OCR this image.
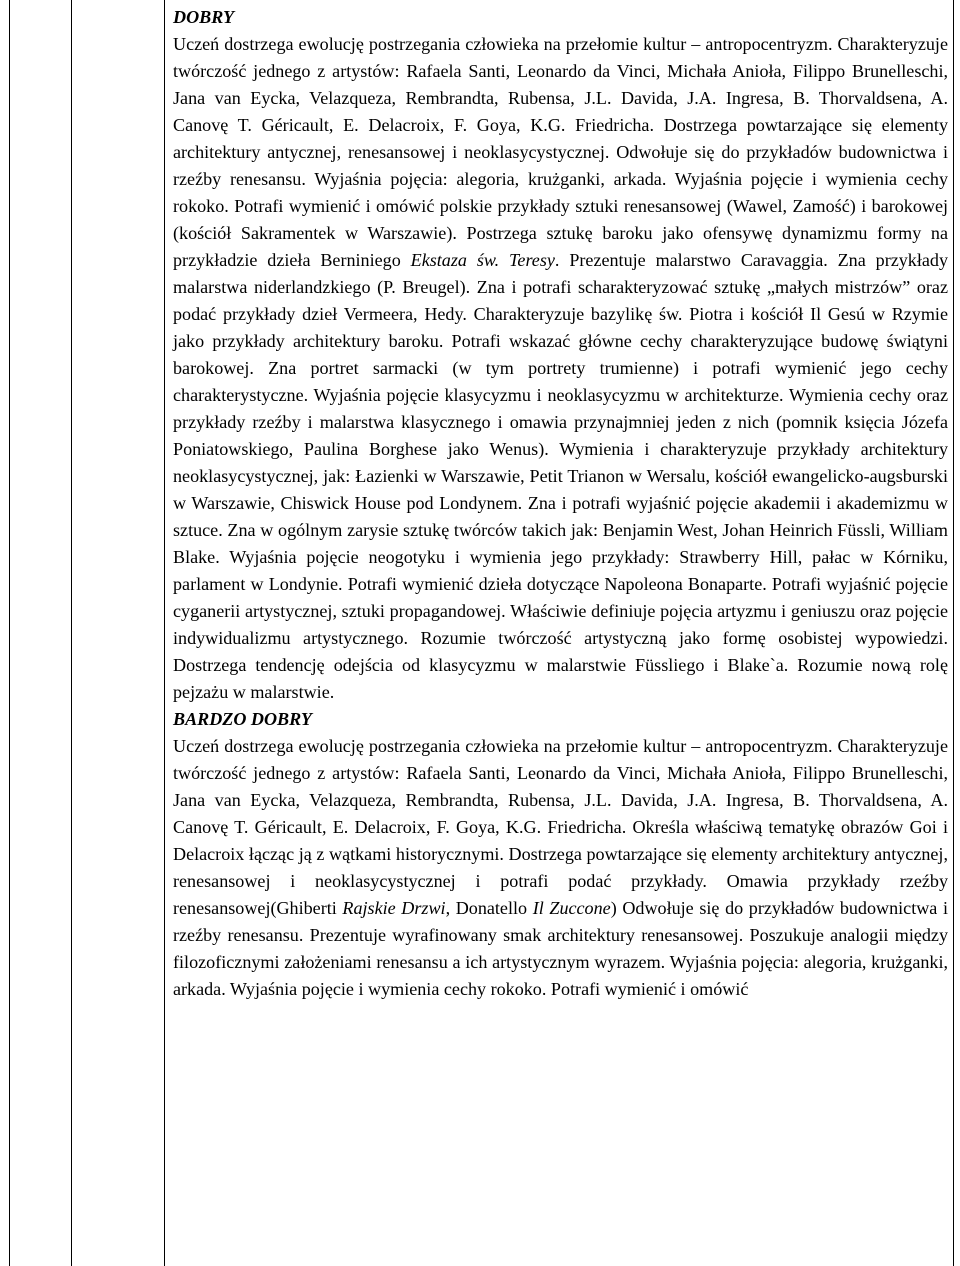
DOBRY

Uczeń dostrzega ewolucję postrzegania człowieka na przełomie kultur – antropocentryzm. Charakteryzuje twórczość jednego z artystów: Rafaela Santi, Leonardo da Vinci, Michała Anioła, Filippo Brunelleschi, Jana van Eycka, Velazqueza, Rembrandta, Rubensa, J.L. Davida, J.A. Ingresa, B. Thorvaldsena, A. Canovę T. Géricault, E. Delacroix, F. Goya, K.G. Friedricha. Dostrzega powtarzające się elementy architektury antycznej, renesansowej i neoklasycystycznej. Odwołuje się do przykładów budownictwa i rzeźby renesansu. Wyjaśnia pojęcia: alegoria, krużganki, arkada. Wyjaśnia pojęcie i wymienia cechy rokoko. Potrafi wymienić i omówić polskie przykłady sztuki renesansowej (Wawel, Zamość) i barokowej (kościół Sakramentek w Warszawie). Postrzega sztukę baroku jako ofensywę dynamizmu formy na przykładzie dzieła Berniniego Ekstaza św. Teresy. Prezentuje malarstwo Caravaggia. Zna przykłady malarstwa niderlandzkiego (P. Breugel). Zna i potrafi scharakteryzować sztukę „małych mistrzów” oraz podać przykłady dzieł Vermeera, Hedy. Charakteryzuje bazylikę św. Piotra i kościół Il Gesú w Rzymie jako przykłady architektury baroku. Potrafi wskazać główne cechy charakteryzujące budowę świątyni barokowej. Zna portret sarmacki (w tym portrety trumienne) i potrafi wymienić jego cechy charakterystyczne. Wyjaśnia pojęcie klasycyzmu i neoklasycyzmu w architekturze. Wymienia cechy oraz przykłady rzeźby i malarstwa klasycznego i omawia przynajmniej jeden z nich (pomnik księcia Józefa Poniatowskiego, Paulina Borghese jako Wenus). Wymienia i charakteryzuje przykłady architektury neoklasycystycznej, jak: Łazienki w Warszawie, Petit Trianon w Wersalu, kościół ewangelicko-augsburski w Warszawie, Chiswick House pod Londynem. Zna i potrafi wyjaśnić pojęcie akademii i akademizmu w sztuce. Zna w ogólnym zarysie sztukę twórców takich jak: Benjamin West, Johan Heinrich Füssli, William Blake. Wyjaśnia pojęcie neogotyku i wymienia jego przykłady: Strawberry Hill, pałac w Kórniku, parlament w Londynie. Potrafi wymienić dzieła dotyczące Napoleona Bonaparte. Potrafi wyjaśnić pojęcie cyganerii artystycznej, sztuki propagandowej. Właściwie definiuje pojęcia artyzmu i geniuszu oraz pojęcie indywidualizmu artystycznego. Rozumie twórczość artystyczną jako formę osobistej wypowiedzi. Dostrzega tendencję odejścia od klasycyzmu w malarstwie Füssliego i Blake`a. Rozumie nową rolę pejzażu w malarstwie.

BARDZO DOBRY

Uczeń dostrzega ewolucję postrzegania człowieka na przełomie kultur – antropocentryzm. Charakteryzuje twórczość jednego z artystów: Rafaela Santi, Leonardo da Vinci, Michała Anioła, Filippo Brunelleschi, Jana van Eycka, Velazqueza, Rembrandta, Rubensa, J.L. Davida, J.A. Ingresa, B. Thorvaldsena, A. Canovę T. Géricault, E. Delacroix, F. Goya, K.G. Friedricha. Określa właściwą tematykę obrazów Goi i Delacroix łącząc ją z wątkami historycznymi. Dostrzega powtarzające się elementy architektury antycznej, renesansowej i neoklasycystycznej i potrafi podać przykłady. Omawia przykłady rzeźby renesansowej(Ghiberti Rajskie Drzwi, Donatello Il Zuccone) Odwołuje się do przykładów budownictwa i rzeźby renesansu. Prezentuje wyrafinowany smak architektury renesansowej. Poszukuje analogii między filozoficznymi założeniami renesansu a ich artystycznym wyrazem. Wyjaśnia pojęcia: alegoria, krużganki, arkada. Wyjaśnia pojęcie i wymienia cechy rokoko. Potrafi wymienić i omówić
